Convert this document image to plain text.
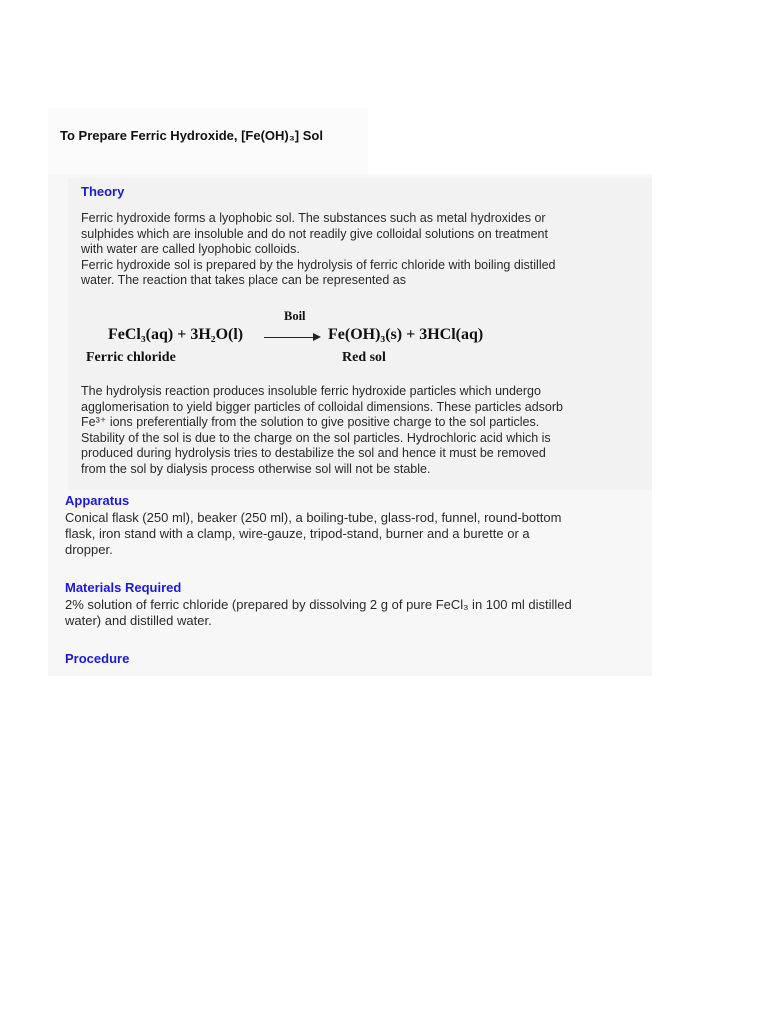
To Prepare Ferric Hydroxide, [Fe(OH)₃] Sol
Theory
Ferric hydroxide forms a lyophobic sol. The substances such as metal hydroxides or
sulphides which are insoluble and do not readily give colloidal solutions on treatment
with water are called lyophobic colloids.
Ferric hydroxide sol is prepared by the hydrolysis of ferric chloride with boiling distilled
water. The reaction that takes place can be represented as
Boil
FeCl₃(aq) + 3H₂O(l)	Fe(OH)₃(s) + 3HCl(aq)
Ferric chloride	Red sol
The hydrolysis reaction produces insoluble ferric hydroxide particles which undergo
agglomerisation to yield bigger particles of colloidal dimensions. These particles adsorb
Fe³⁺ ions preferentially from the solution to give positive charge to the sol particles.
Stability of the sol is due to the charge on the sol particles. Hydrochloric acid which is
produced during hydrolysis tries to destabilize the sol and hence it must be removed
from the sol by dialysis process otherwise sol will not be stable.
Apparatus
Conical flask (250 ml), beaker (250 ml), a boiling-tube, glass-rod, funnel, round-bottom
flask, iron stand with a clamp, wire-gauze, tripod-stand, burner and a burette or a
dropper.
Materials Required
2% solution of ferric chloride (prepared by dissolving 2 g of pure FeCl₃ in 100 ml distilled
water) and distilled water.
Procedure
